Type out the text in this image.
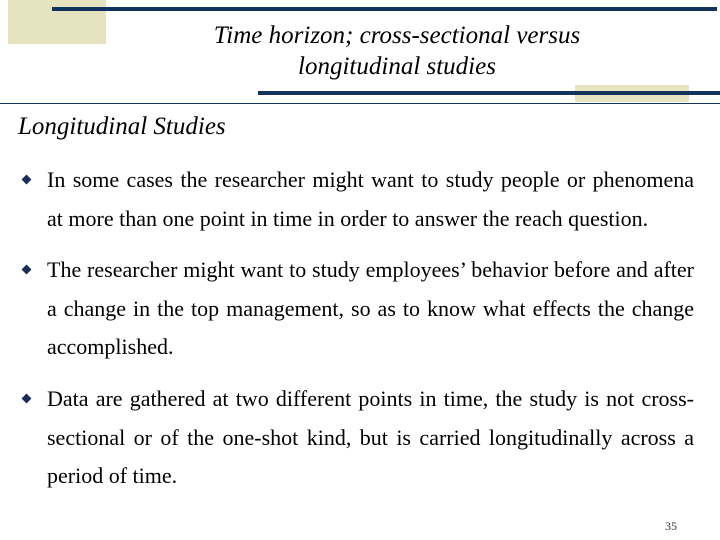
Time horizon; cross-sectional versus longitudinal studies
Longitudinal Studies
In some cases the researcher might want to study people or phenomena at more than one point in time in order to answer the reach question.
The researcher might want to study employees’ behavior before and after a change in the top management, so as to know what effects the change accomplished.
Data are gathered at two different points in time, the study is not cross-sectional or of the one-shot kind, but is carried longitudinally across a period of time.
35
